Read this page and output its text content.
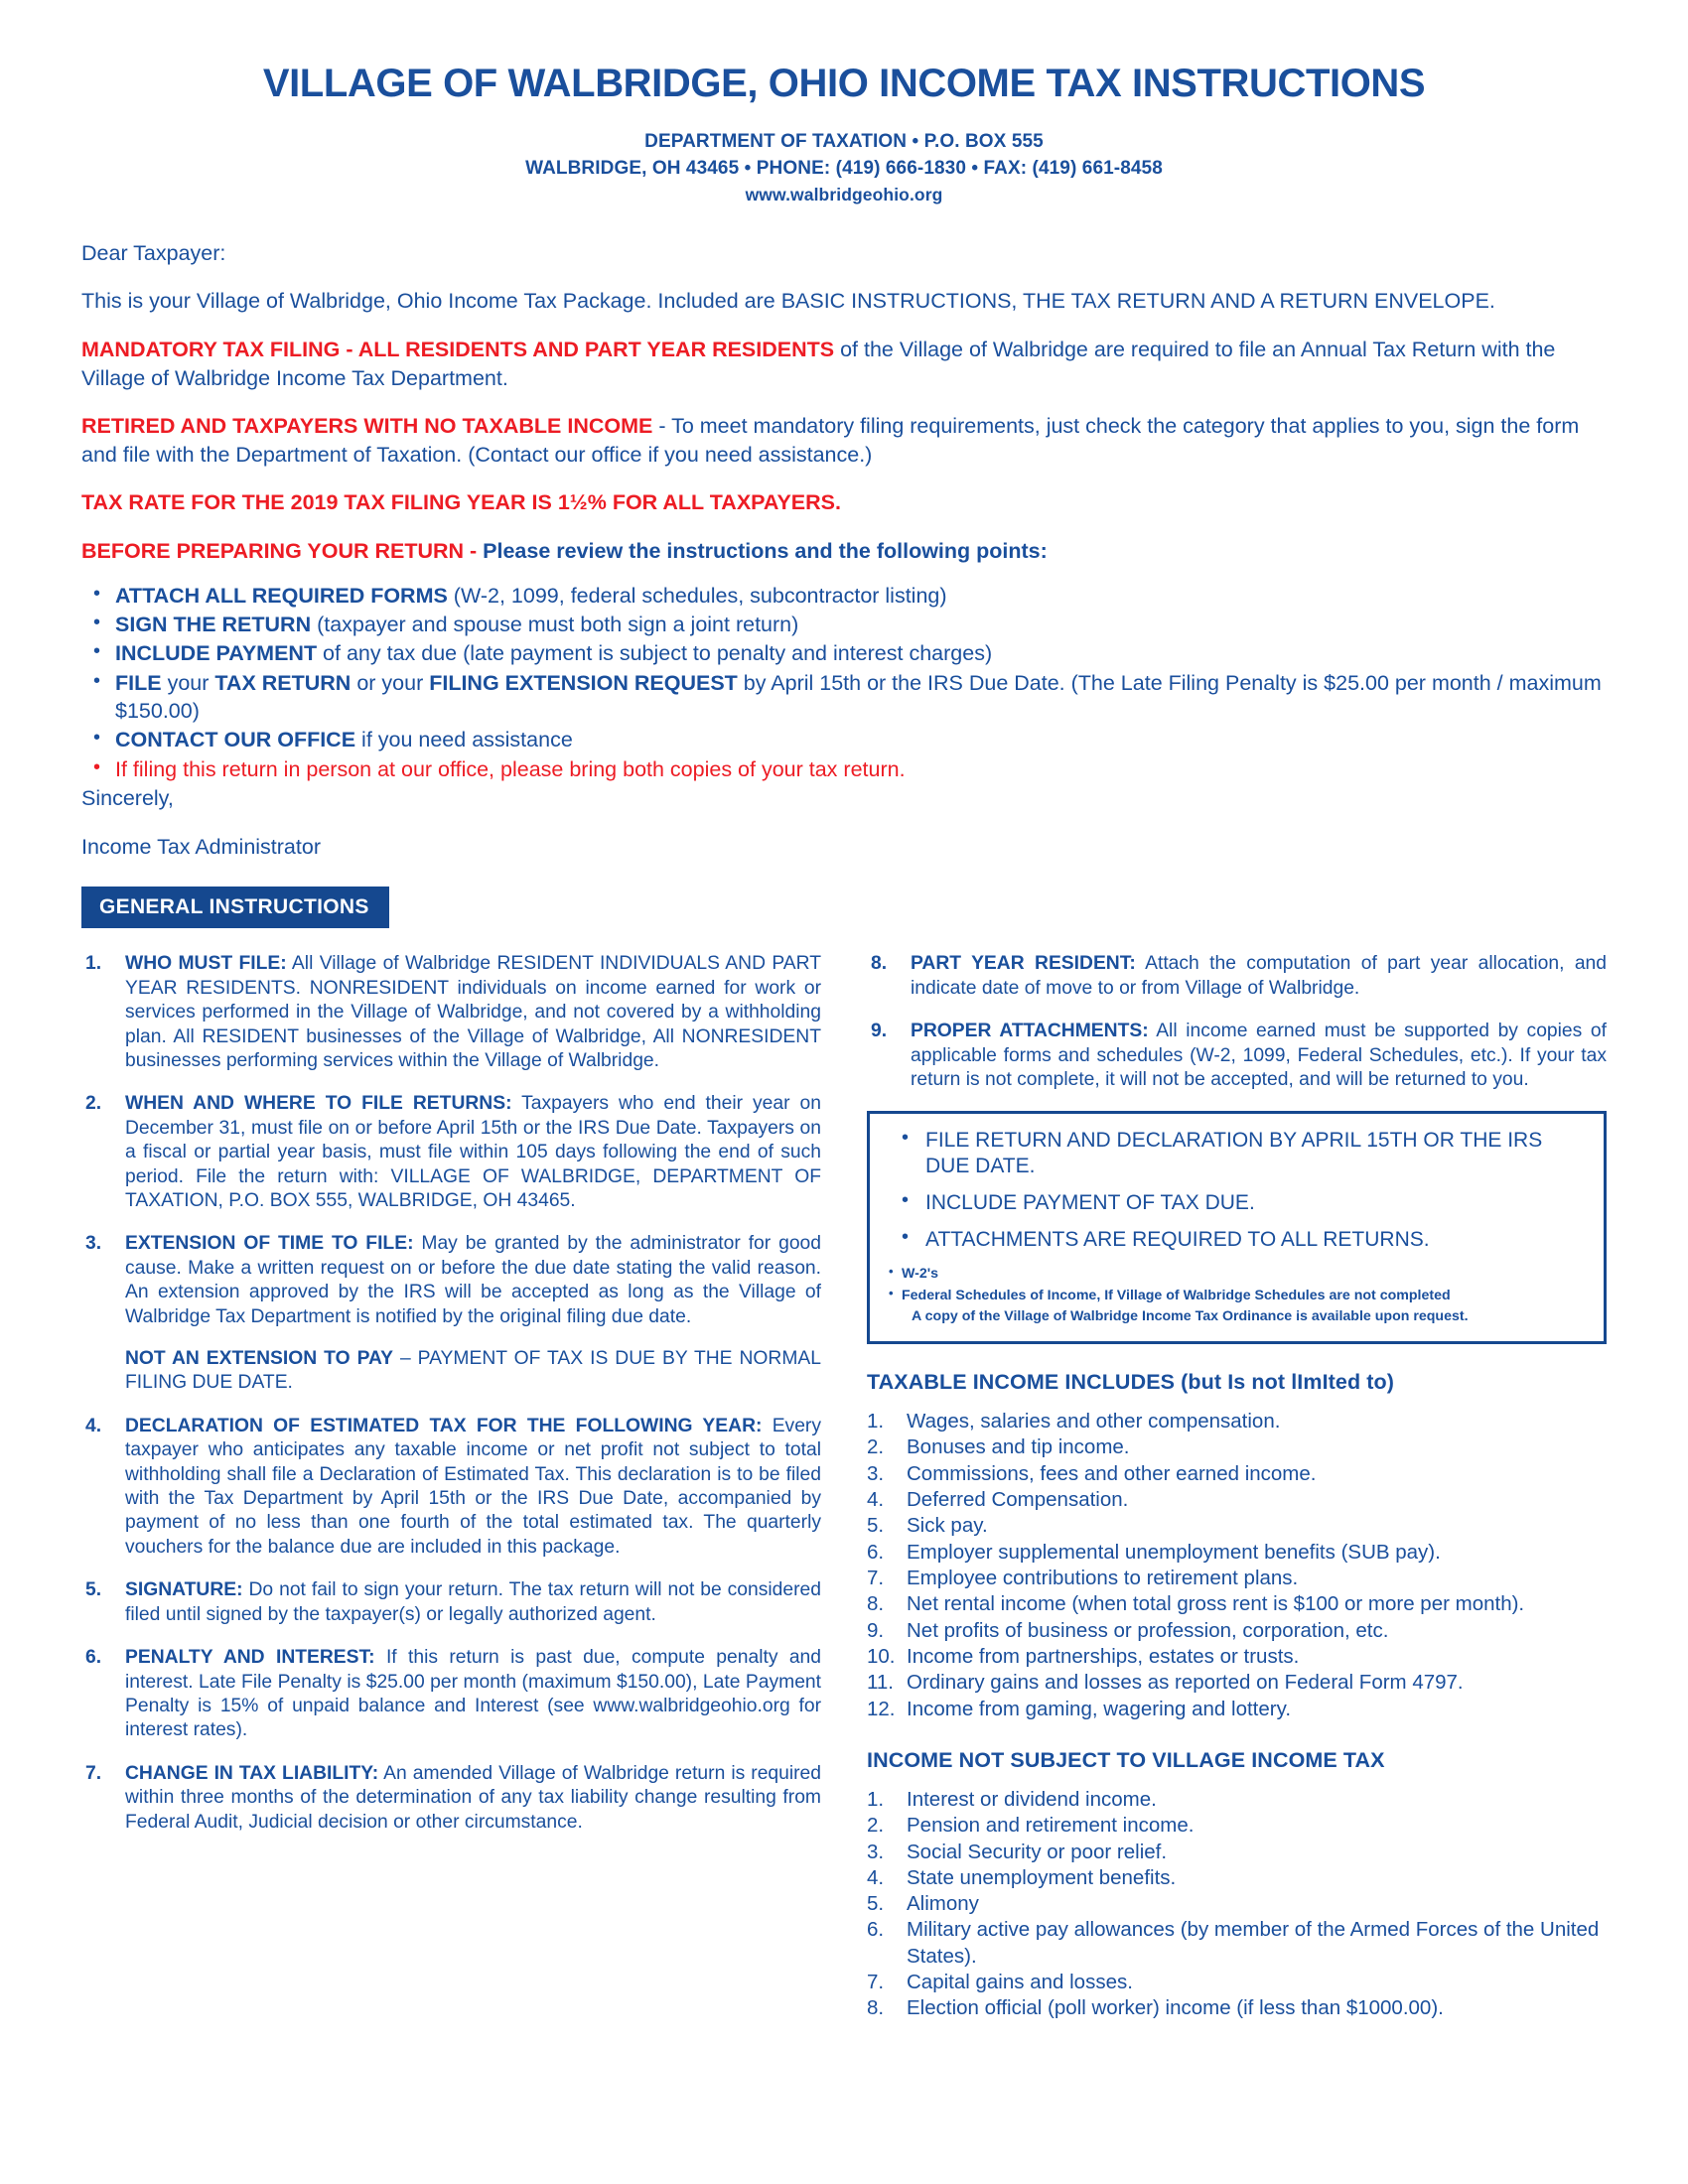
VILLAGE OF WALBRIDGE, OHIO INCOME TAX INSTRUCTIONS
DEPARTMENT OF TAXATION • P.O. BOX 555
WALBRIDGE, OH 43465 • PHONE: (419) 666-1830 • FAX: (419) 661-8458
www.walbridgeohio.org

Dear Taxpayer:

This is your Village of Walbridge, Ohio Income Tax Package. Included are BASIC INSTRUCTIONS, THE TAX RETURN AND A RETURN ENVELOPE.

MANDATORY TAX FILING - ALL RESIDENTS AND PART YEAR RESIDENTS of the Village of Walbridge are required to file an Annual Tax Return with the Village of Walbridge Income Tax Department.

RETIRED AND TAXPAYERS WITH NO TAXABLE INCOME - To meet mandatory filing requirements, just check the category that applies to you, sign the form and file with the Department of Taxation. (Contact our office if you need assistance.)

TAX RATE FOR THE 2019 TAX FILING YEAR IS 1½% FOR ALL TAXPAYERS.

BEFORE PREPARING YOUR RETURN - Please review the instructions and the following points:

• ATTACH ALL REQUIRED FORMS (W-2, 1099, federal schedules, subcontractor listing)
• SIGN THE RETURN (taxpayer and spouse must both sign a joint return)
• INCLUDE PAYMENT of any tax due (late payment is subject to penalty and interest charges)
• FILE your TAX RETURN or your FILING EXTENSION REQUEST by April 15th or the IRS Due Date. (The Late Filing Penalty is $25.00 per month / maximum $150.00)
• CONTACT OUR OFFICE if you need assistance
• If filing this return in person at our office, please bring both copies of your tax return.

Sincerely,

Income Tax Administrator

GENERAL INSTRUCTIONS
1. WHO MUST FILE: All Village of Walbridge RESIDENT INDIVIDUALS AND PART YEAR RESIDENTS. NONRESIDENT individuals on income earned for work or services performed in the Village of Walbridge, and not covered by a withholding plan. All RESIDENT businesses of the Village of Walbridge, All NONRESIDENT businesses performing services within the Village of Walbridge.
2. WHEN AND WHERE TO FILE RETURNS: Taxpayers who end their year on December 31, must file on or before April 15th or the IRS Due Date. Taxpayers on a fiscal or partial year basis, must file within 105 days following the end of such period. File the return with: VILLAGE OF WALBRIDGE, DEPARTMENT OF TAXATION, P.O. BOX 555, WALBRIDGE, OH 43465.
3. EXTENSION OF TIME TO FILE: May be granted by the administrator for good cause. Make a written request on or before the due date stating the valid reason. An extension approved by the IRS will be accepted as long as the Village of Walbridge Tax Department is notified by the original filing due date.
NOT AN EXTENSION TO PAY – PAYMENT OF TAX IS DUE BY THE NORMAL FILING DUE DATE.
4. DECLARATION OF ESTIMATED TAX FOR THE FOLLOWING YEAR: Every taxpayer who anticipates any taxable income or net profit not subject to total withholding shall file a Declaration of Estimated Tax. This declaration is to be filed with the Tax Department by April 15th or the IRS Due Date, accompanied by payment of no less than one fourth of the total estimated tax. The quarterly vouchers for the balance due are included in this package.
5. SIGNATURE: Do not fail to sign your return. The tax return will not be considered filed until signed by the taxpayer(s) or legally authorized agent.
6. PENALTY AND INTEREST: If this return is past due, compute penalty and interest. Late File Penalty is $25.00 per month (maximum $150.00), Late Payment Penalty is 15% of unpaid balance and Interest (see www.walbridgeohio.org for interest rates).
7. CHANGE IN TAX LIABILITY: An amended Village of Walbridge return is required within three months of the determination of any tax liability change resulting from Federal Audit, Judicial decision or other circumstance.
8. PART YEAR RESIDENT: Attach the computation of part year allocation, and indicate date of move to or from Village of Walbridge.
9. PROPER ATTACHMENTS: All income earned must be supported by copies of applicable forms and schedules (W-2, 1099, Federal Schedules, etc.). If your tax return is not complete, it will not be accepted, and will be returned to you.
• FILE RETURN AND DECLARATION BY APRIL 15TH OR THE IRS DUE DATE.
• INCLUDE PAYMENT OF TAX DUE.
• ATTACHMENTS ARE REQUIRED TO ALL RETURNS.
• W-2's
• Federal Schedules of Income, If Village of Walbridge Schedules are not completed
A copy of the Village of Walbridge Income Tax Ordinance is available upon request.
TAXABLE INCOME INCLUDES (but Is not lImIted to)
1. Wages, salaries and other compensation.
2. Bonuses and tip income.
3. Commissions, fees and other earned income.
4. Deferred Compensation.
5. Sick pay.
6. Employer supplemental unemployment benefits (SUB pay).
7. Employee contributions to retirement plans.
8. Net rental income (when total gross rent is $100 or more per month).
9. Net profits of business or profession, corporation, etc.
10. Income from partnerships, estates or trusts.
11. Ordinary gains and losses as reported on Federal Form 4797.
12. Income from gaming, wagering and lottery.
INCOME NOT SUBJECT TO VILLAGE INCOME TAX
1. Interest or dividend income.
2. Pension and retirement income.
3. Social Security or poor relief.
4. State unemployment benefits.
5. Alimony
6. Military active pay allowances (by member of the Armed Forces of the United States).
7. Capital gains and losses.
8. Election official (poll worker) income (if less than $1000.00).
